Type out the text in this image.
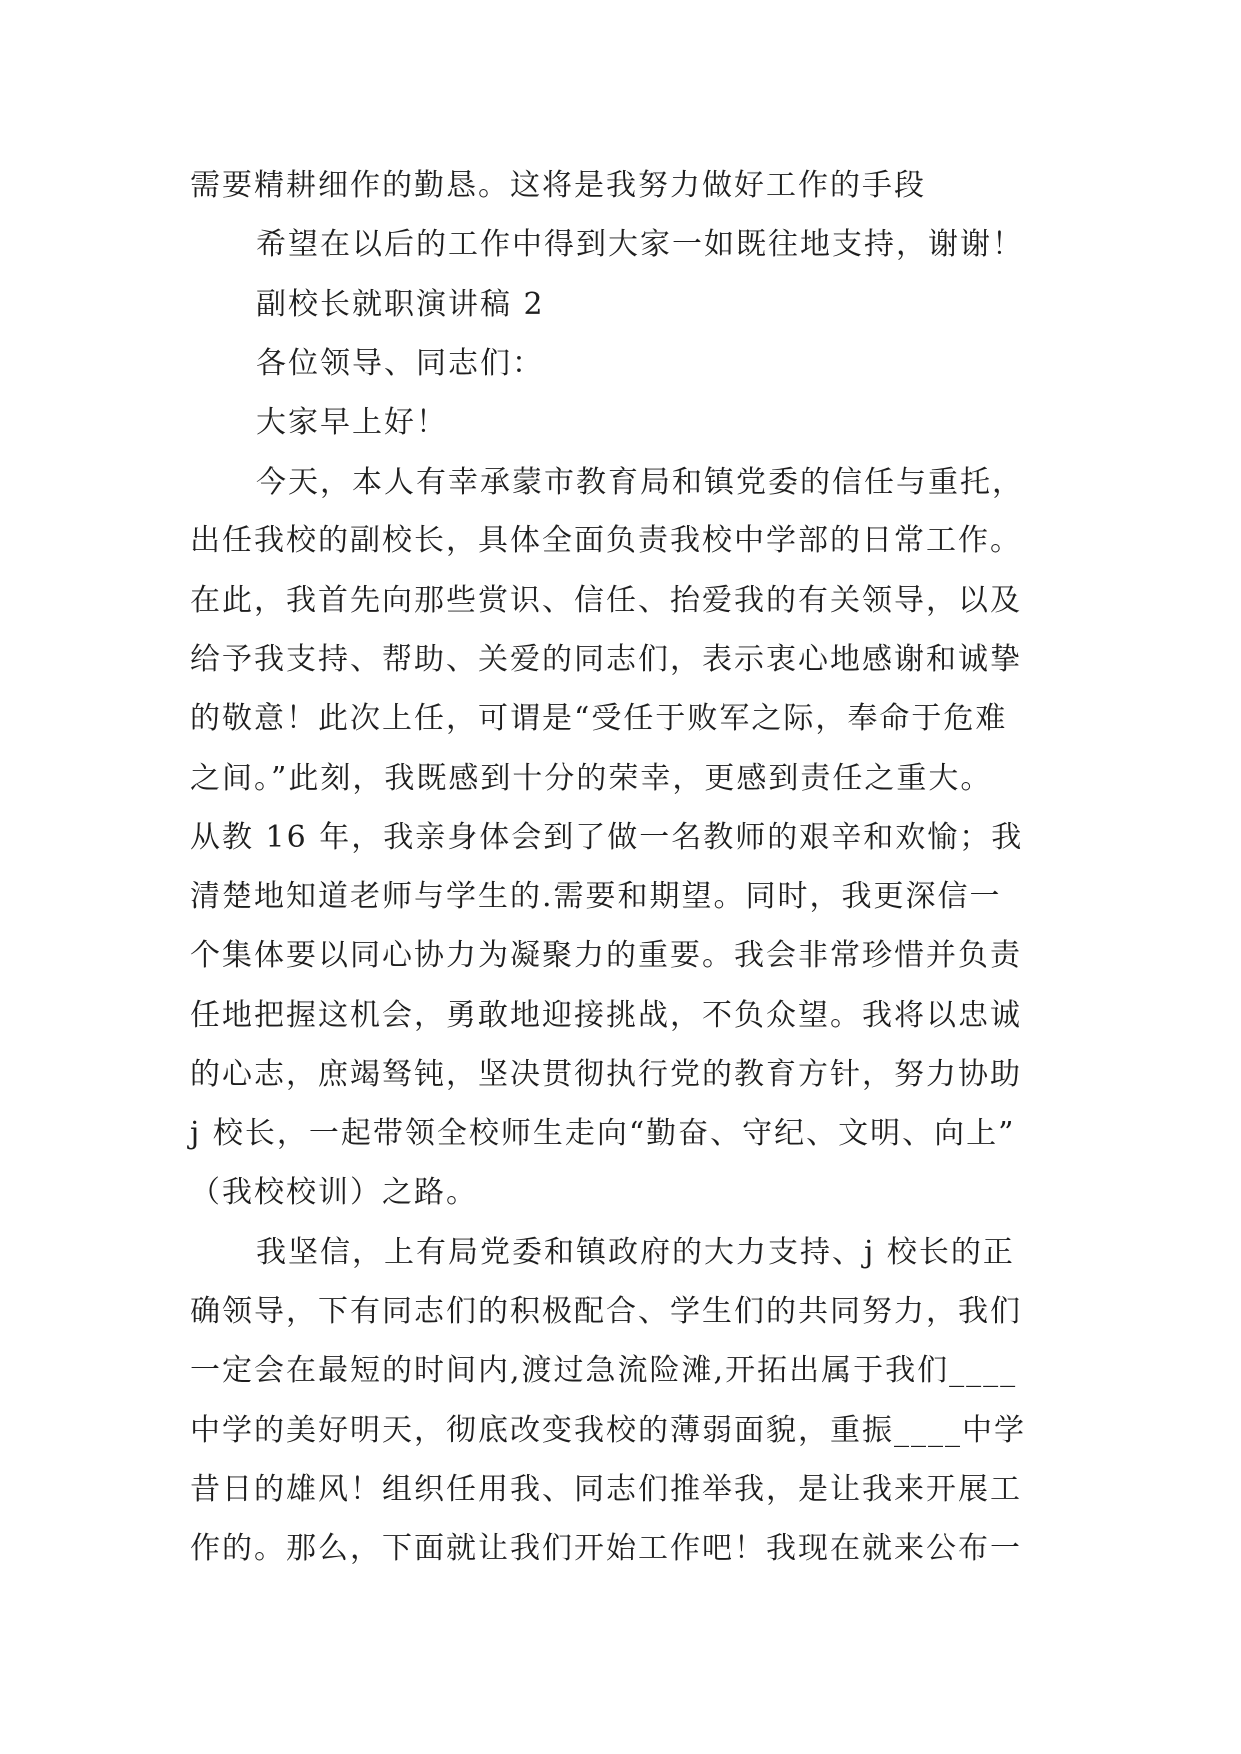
需要精耕细作的勤恳。这将是我努力做好工作的手段
希望在以后的工作中得到大家一如既往地支持，谢谢！
副校长就职演讲稿 2
各位领导、同志们：
大家早上好！
今天，本人有幸承蒙市教育局和镇党委的信任与重托，
出任我校的副校长，具体全面负责我校中学部的日常工作。
在此，我首先向那些赏识、信任、抬爱我的有关领导，以及
给予我支持、帮助、关爱的同志们，表示衷心地感谢和诚挚
的敬意！此次上任，可谓是“受任于败军之际，奉命于危难
之间。”此刻，我既感到十分的荣幸，更感到责任之重大。
从教 16 年，我亲身体会到了做一名教师的艰辛和欢愉；我
清楚地知道老师与学生的.需要和期望。同时，我更深信一
个集体要以同心协力为凝聚力的重要。我会非常珍惜并负责
任地把握这机会，勇敢地迎接挑战，不负众望。我将以忠诚
的心志，庶竭驽钝，坚决贯彻执行党的教育方针，努力协助
j 校长，一起带领全校师生走向“勤奋、守纪、文明、向上”
（我校校训）之路。
我坚信，上有局党委和镇政府的大力支持、j 校长的正
确领导，下有同志们的积极配合、学生们的共同努力，我们
一定会在最短的时间内,渡过急流险滩,开拓出属于我们____
中学的美好明天，彻底改变我校的薄弱面貌，重振____中学
昔日的雄风！组织任用我、同志们推举我，是让我来开展工
作的。那么，下面就让我们开始工作吧！我现在就来公布一
